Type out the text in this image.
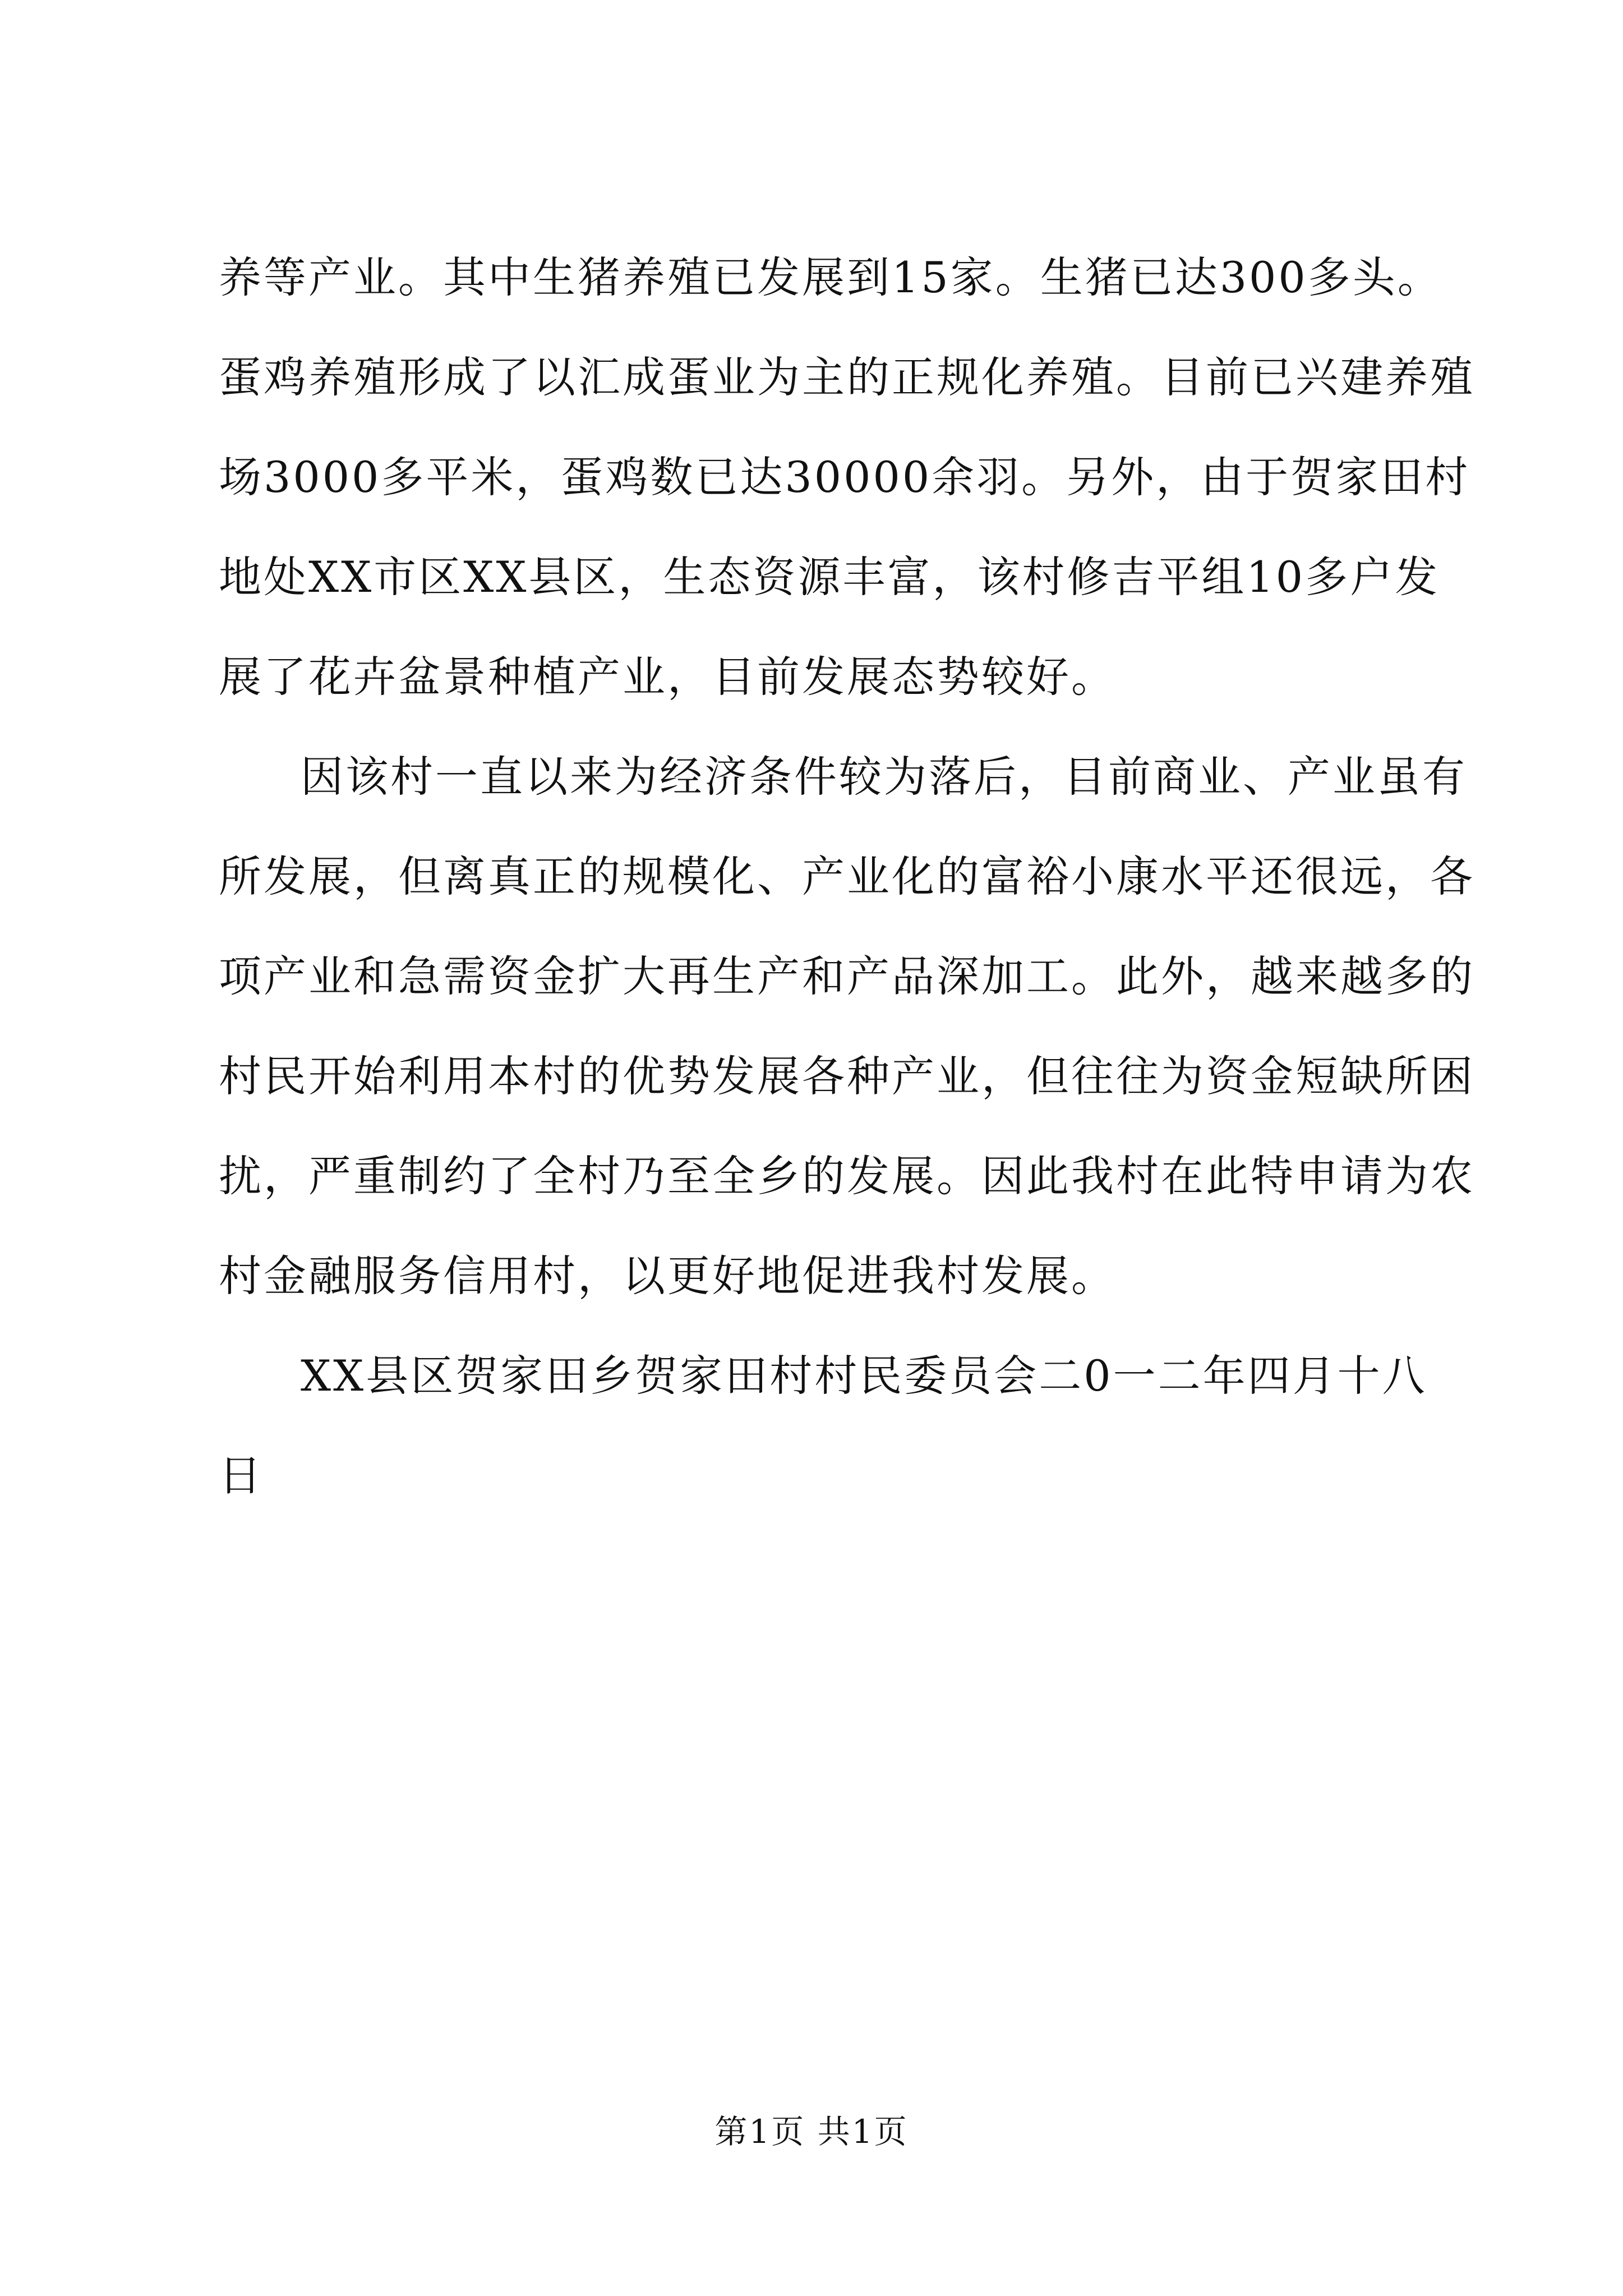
养等产业。其中生猪养殖已发展到15家。生猪已达300多头。
蛋鸡养殖形成了以汇成蛋业为主的正规化养殖。目前已兴建养殖
场3000多平米，蛋鸡数已达30000余羽。另外，由于贺家田村
地处XX市区XX县区，生态资源丰富，该村修吉平组10多户发
展了花卉盆景种植产业，目前发展态势较好。
因该村一直以来为经济条件较为落后，目前商业、产业虽有
所发展，但离真正的规模化、产业化的富裕小康水平还很远，各
项产业和急需资金扩大再生产和产品深加工。此外，越来越多的
村民开始利用本村的优势发展各种产业，但往往为资金短缺所困
扰，严重制约了全村乃至全乡的发展。因此我村在此特申请为农
村金融服务信用村，以更好地促进我村发展。
XX县区贺家田乡贺家田村村民委员会二0一二年四月十八
日
第1页 共1页
